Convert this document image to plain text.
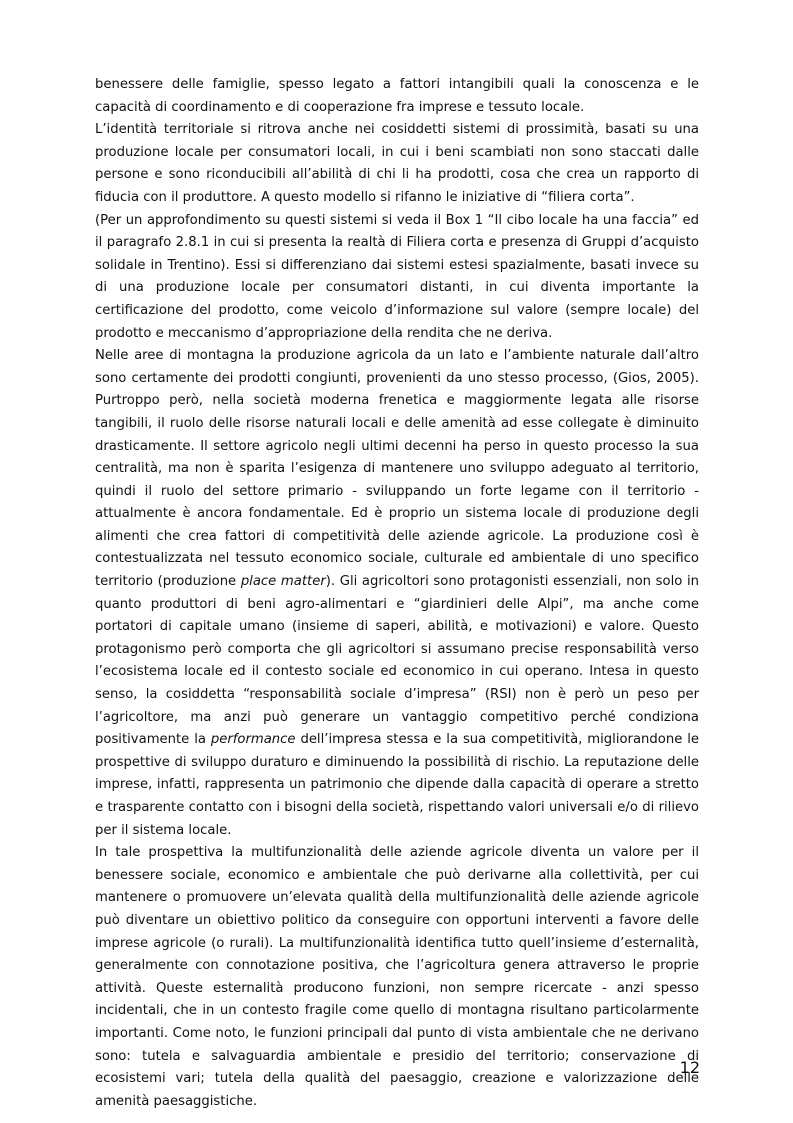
benessere delle famiglie, spesso legato a fattori intangibili quali la conoscenza e le capacità di coordinamento e di cooperazione fra imprese e tessuto locale.

L’identità territoriale si ritrova anche nei cosiddetti sistemi di prossimità, basati su una produzione locale per consumatori locali, in cui i beni scambiati non sono staccati dalle persone e sono riconducibili all’abilità di chi li ha prodotti, cosa che crea un rapporto di fiducia con il produttore. A questo modello si rifanno le iniziative di “filiera corta”.

(Per un approfondimento su questi sistemi si veda il Box 1 “Il cibo locale ha una faccia” ed il paragrafo 2.8.1 in cui si presenta la realtà di Filiera corta e presenza di Gruppi d’acquisto solidale in Trentino). Essi si differenziano dai sistemi estesi spazialmente, basati invece su di una produzione locale per consumatori distanti, in cui diventa importante la certificazione del prodotto, come veicolo d’informazione sul valore (sempre locale) del prodotto e meccanismo d’appropriazione della rendita che ne deriva.

Nelle aree di montagna la produzione agricola da un lato e l’ambiente naturale dall’altro sono certamente dei prodotti congiunti, provenienti da uno stesso processo, (Gios, 2005). Purtroppo però, nella società moderna frenetica e maggiormente legata alle risorse tangibili, il ruolo delle risorse naturali locali e delle amenità ad esse collegate è diminuito drasticamente. Il settore agricolo negli ultimi decenni ha perso in questo processo la sua centralità, ma non è sparita l’esigenza di mantenere uno sviluppo adeguato al territorio, quindi il ruolo del settore primario - sviluppando un forte legame con il territorio - attualmente è ancora fondamentale. Ed è proprio un sistema locale di produzione degli alimenti che crea fattori di competitività delle aziende agricole. La produzione così è contestualizzata nel tessuto economico sociale, culturale ed ambientale di uno specifico territorio (produzione place matter). Gli agricoltori sono protagonisti essenziali, non solo in quanto produttori di beni agro-alimentari e “giardinieri delle Alpi”, ma anche come portatori di capitale umano (insieme di saperi, abilità, e motivazioni) e valore. Questo protagonismo però comporta che gli agricoltori si assumano precise responsabilità verso l’ecosistema locale ed il contesto sociale ed economico in cui operano. Intesa in questo senso, la cosiddetta “responsabilità sociale d’impresa” (RSI) non è però un peso per l’agricoltore, ma anzi può generare un vantaggio competitivo perché condiziona positivamente la performance dell’impresa stessa e la sua competitività, migliorandone le prospettive di sviluppo duraturo e diminuendo la possibilità di rischio. La reputazione delle imprese, infatti, rappresenta un patrimonio che dipende dalla capacità di operare a stretto e trasparente contatto con i bisogni della società, rispettando valori universali e/o di rilievo per il sistema locale.

In tale prospettiva la multifunzionalità delle aziende agricole diventa un valore per il benessere sociale, economico e ambientale che può derivarne alla collettività, per cui mantenere o promuovere un’elevata qualità della multifunzionalità delle aziende agricole può diventare un obiettivo politico da conseguire con opportuni interventi a favore delle imprese agricole (o rurali). La multifunzionalità identifica tutto quell’insieme d’esternalità, generalmente con connotazione positiva, che l’agricoltura genera attraverso le proprie attività. Queste esternalità producono funzioni, non sempre ricercate - anzi spesso incidentali, che in un contesto fragile come quello di montagna risultano particolarmente importanti. Come noto, le funzioni principali dal punto di vista ambientale che ne derivano sono: tutela e salvaguardia ambientale e presidio del territorio; conservazione di ecosistemi vari; tutela della qualità del paesaggio, creazione e valorizzazione delle amenità paesaggistiche.

12
